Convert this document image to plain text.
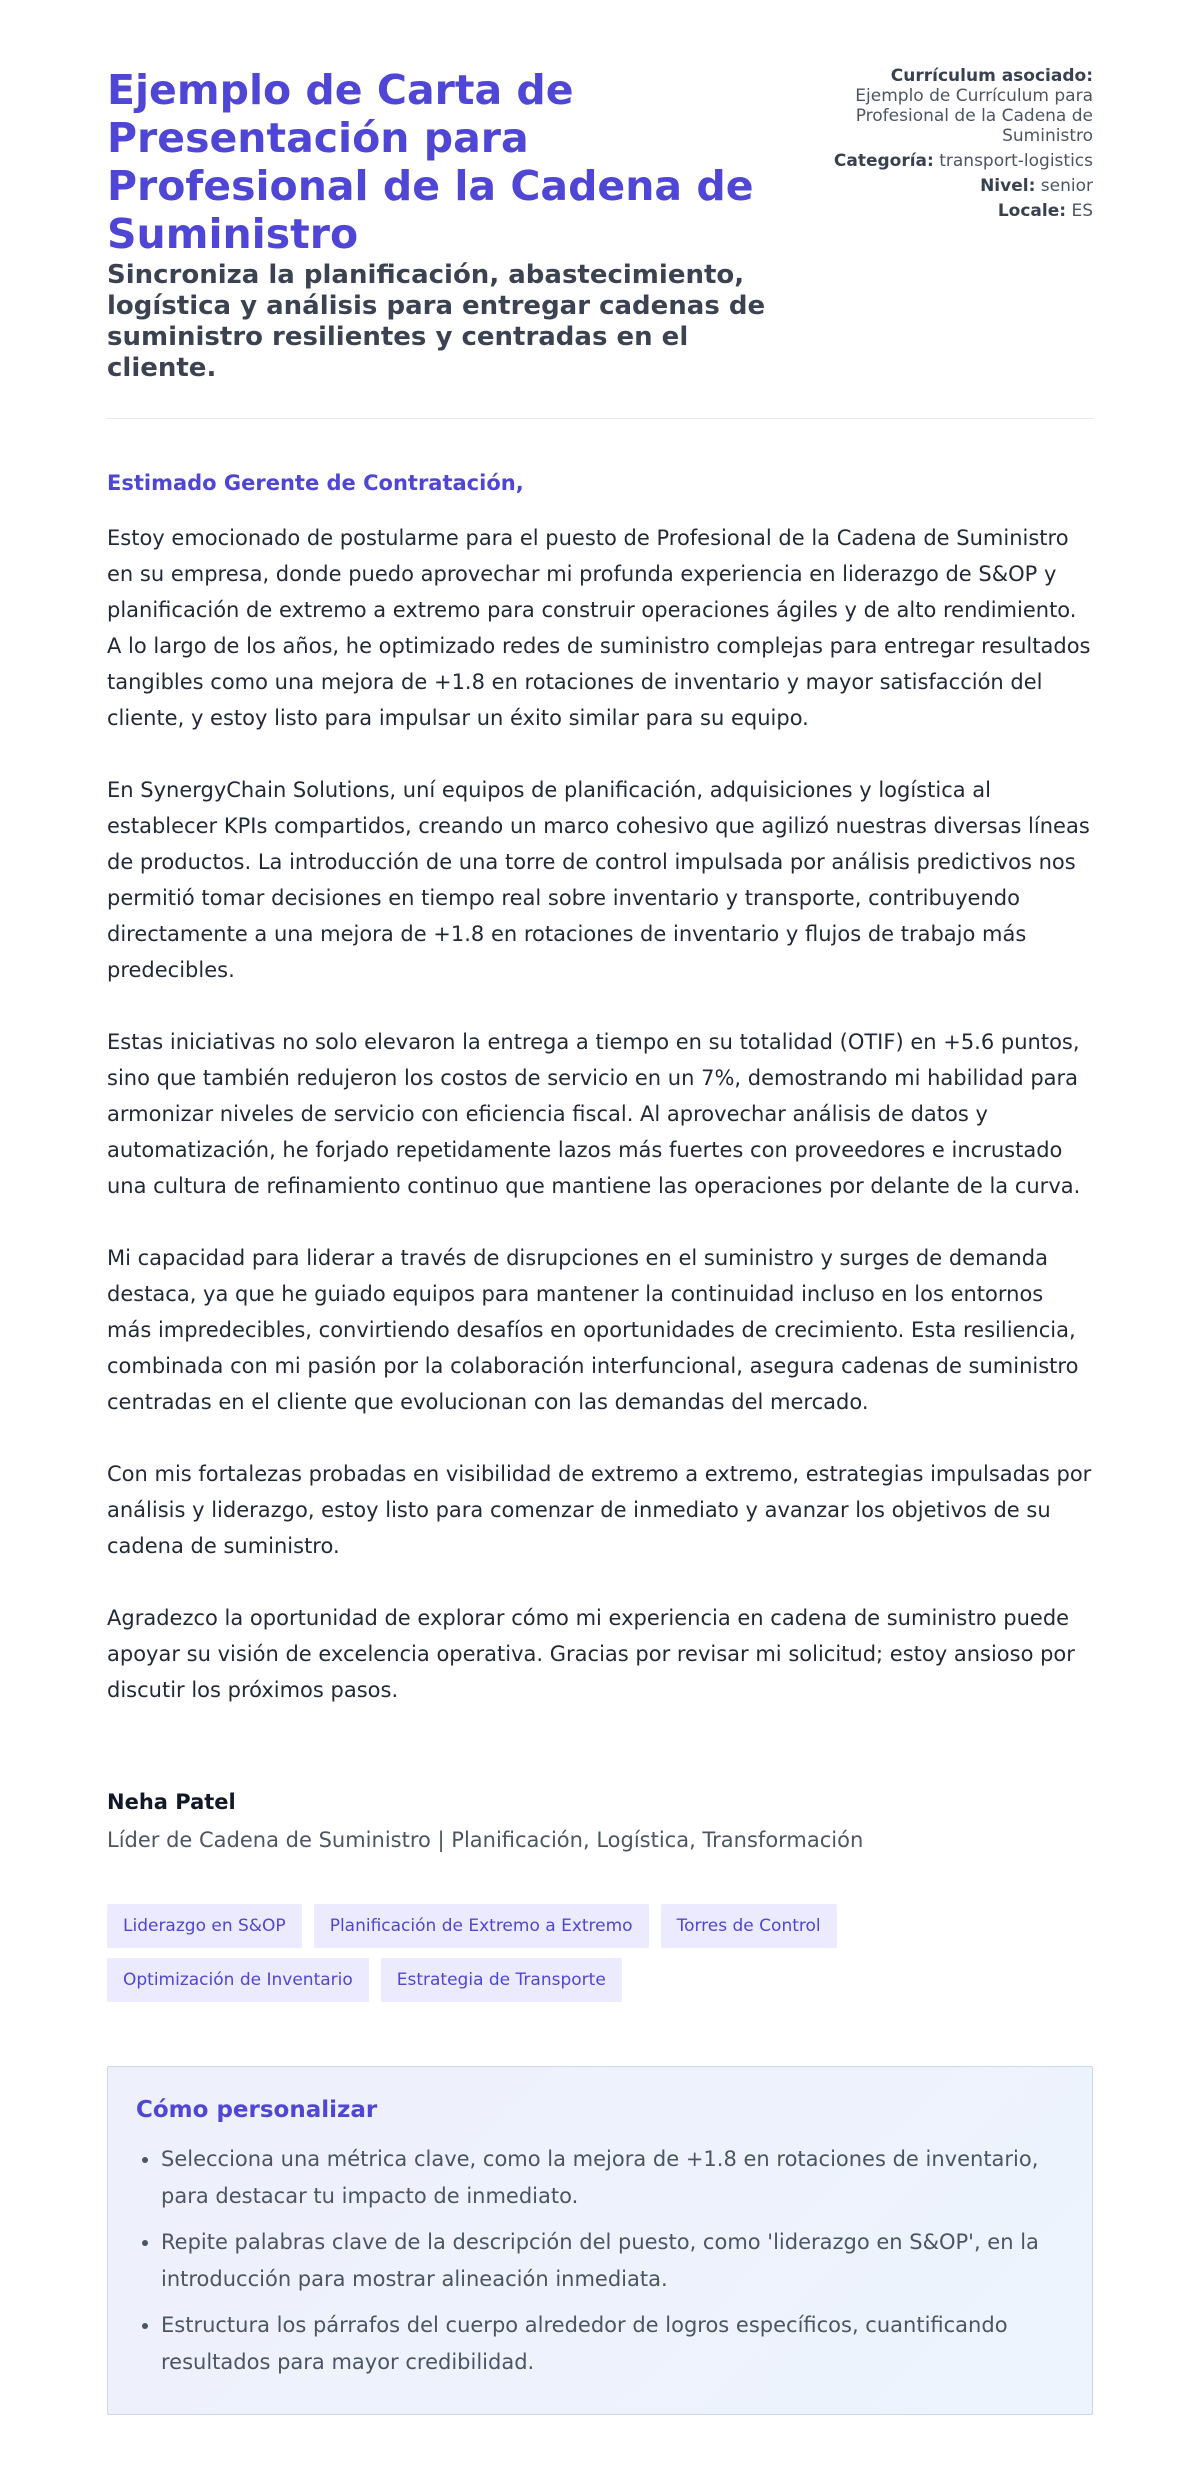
Ejemplo de Carta de Presentación para Profesional de la Cadena de Suministro

Sincroniza la planificación, abastecimiento, logística y análisis para entregar cadenas de suministro resilientes y centradas en el cliente.

Currículum asociado:
Ejemplo de Currículum para Profesional de la Cadena de Suministro
Categoría: transport-logistics
Nivel: senior
Locale: ES

Estimado Gerente de Contratación,

Estoy emocionado de postularme para el puesto de Profesional de la Cadena de Suministro en su empresa, donde puedo aprovechar mi profunda experiencia en liderazgo de S&OP y planificación de extremo a extremo para construir operaciones ágiles y de alto rendimiento. A lo largo de los años, he optimizado redes de suministro complejas para entregar resultados tangibles como una mejora de +1.8 en rotaciones de inventario y mayor satisfacción del cliente, y estoy listo para impulsar un éxito similar para su equipo.

En SynergyChain Solutions, uní equipos de planificación, adquisiciones y logística al establecer KPIs compartidos, creando un marco cohesivo que agilizó nuestras diversas líneas de productos. La introducción de una torre de control impulsada por análisis predictivos nos permitió tomar decisiones en tiempo real sobre inventario y transporte, contribuyendo directamente a una mejora de +1.8 en rotaciones de inventario y flujos de trabajo más predecibles.

Estas iniciativas no solo elevaron la entrega a tiempo en su totalidad (OTIF) en +5.6 puntos, sino que también redujeron los costos de servicio en un 7%, demostrando mi habilidad para armonizar niveles de servicio con eficiencia fiscal. Al aprovechar análisis de datos y automatización, he forjado repetidamente lazos más fuertes con proveedores e incrustado una cultura de refinamiento continuo que mantiene las operaciones por delante de la curva.

Mi capacidad para liderar a través de disrupciones en el suministro y surges de demanda destaca, ya que he guiado equipos para mantener la continuidad incluso en los entornos más impredecibles, convirtiendo desafíos en oportunidades de crecimiento. Esta resiliencia, combinada con mi pasión por la colaboración interfuncional, asegura cadenas de suministro centradas en el cliente que evolucionan con las demandas del mercado.

Con mis fortalezas probadas en visibilidad de extremo a extremo, estrategias impulsadas por análisis y liderazgo, estoy listo para comenzar de inmediato y avanzar los objetivos de su cadena de suministro.

Agradezco la oportunidad de explorar cómo mi experiencia en cadena de suministro puede apoyar su visión de excelencia operativa. Gracias por revisar mi solicitud; estoy ansioso por discutir los próximos pasos.

Neha Patel
Líder de Cadena de Suministro | Planificación, Logística, Transformación
Liderazgo en S&OP	Planificación de Extremo a Extremo	Torres de Control
Optimización de Inventario	Estrategia de Transporte
Cómo personalizar
• Selecciona una métrica clave, como la mejora de +1.8 en rotaciones de inventario, para destacar tu impacto de inmediato.
• Repite palabras clave de la descripción del puesto, como 'liderazgo en S&OP', en la introducción para mostrar alineación inmediata.
• Estructura los párrafos del cuerpo alrededor de logros específicos, cuantificando resultados para mayor credibilidad.
